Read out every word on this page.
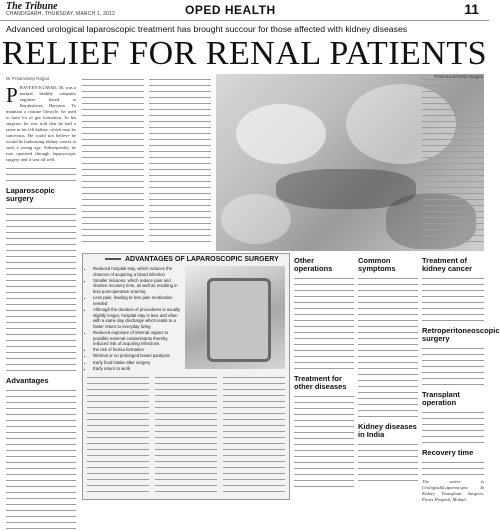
The Tribune
CHANDIGARH, THURSDAY, MARCH 1, 2012	OPED HEALTH	11
Advanced urological laparoscopic treatment has brought succour for those affected with kidney diseases
RELIEF FOR RENAL PATIENTS
Thinkstock/Getty Images
Dr Pritamdeep Rajput
P RAVEEN KUMAR, 36, was a normal, healthy computer engineer based at Kurukshetra, Haryana. To maintain a routine lifestyle, he used to have lot of gas formation. To his surprise, he was told that he had a stone in his left kidney, which may be cancerous. He could not believe he would be harbouring kidney cancer at such a young age. Subsequently, he was operated through laparoscopic surgery and it was all well.

Laparoscopic surgery
Advantages
ADVANTAGES OF LAPAROSCOPIC SURGERY
• Reduced hospital stay, which reduces the chances of acquiring a blood infection
• Smaller incisions, which reduce pain and shorten recovery time, as well as resulting in less post-operative scarring
• Less pain, leading to less pain medication needed
• Although the duration of procedures is usually slightly longer, hospital stay is less and often with a same day discharge which leads to a faster return to everyday living
• Reduced exposure of internal organs to possible external contaminants thereby reduced risk of acquiring infections
• the risk of hernia formation
• Minimal or no prolonged bowel paralysis
• Early food intake after surgery
• Early return to work
Other operations
Treatment for other diseases
Common symptoms
Kidney diseases in India
Treatment of kidney cancer
Retroperitoneoscopic surgery
Transplant operation
Recovery time

The writer is Urologist&Laparoscopic & Kidney Transplant Surgeon, Fortis Hospital, Mohali.
